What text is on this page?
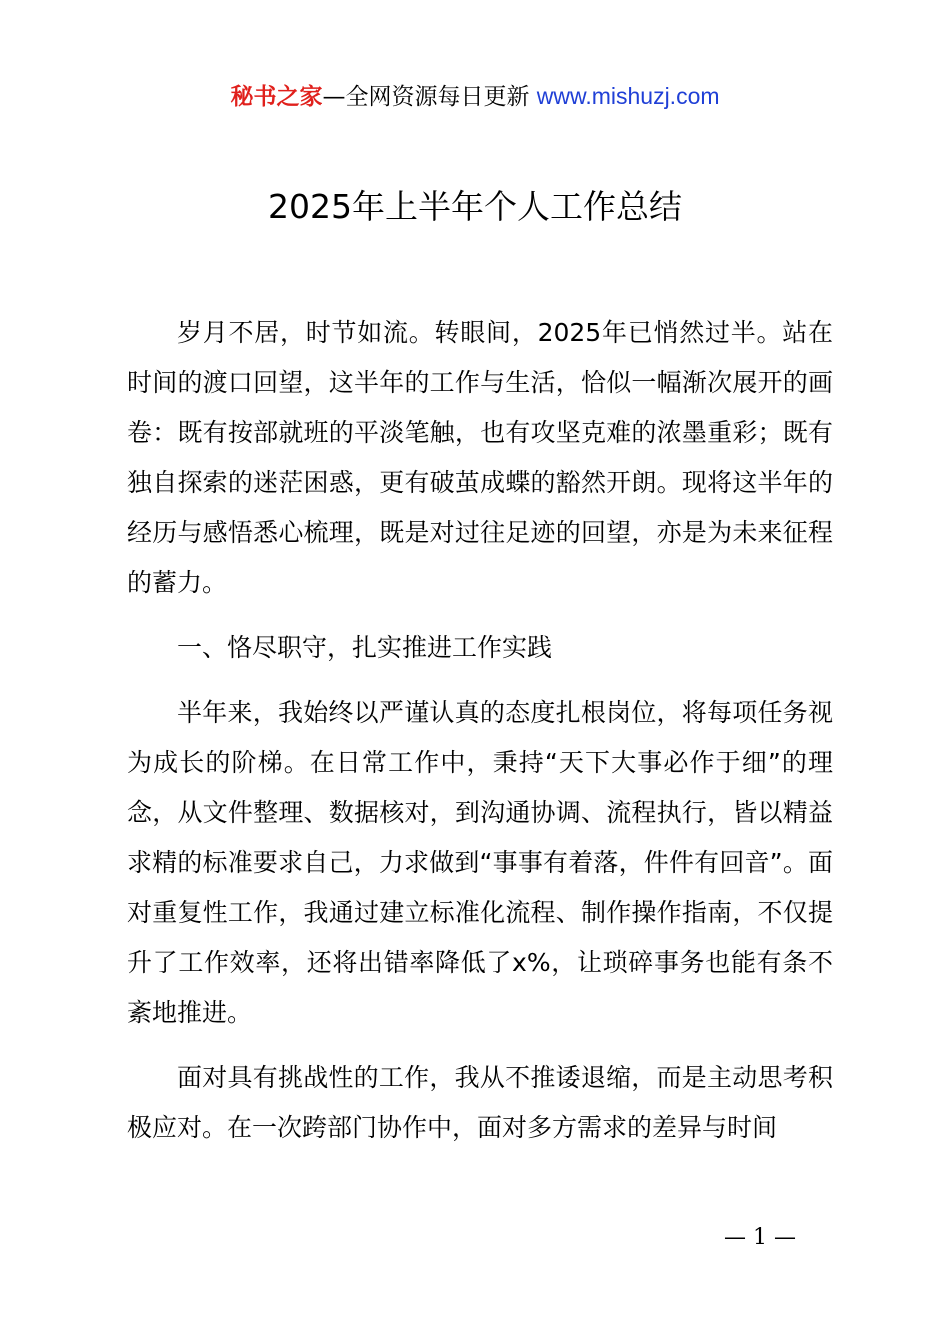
秘书之家—全网资源每日更新 www.mishuzj.com
2025年上半年个人工作总结

岁月不居，时节如流。转眼间，2025年已悄然过半。站在时间的渡口回望，这半年的工作与生活，恰似一幅渐次展开的画卷：既有按部就班的平淡笔触，也有攻坚克难的浓墨重彩；既有独自探索的迷茫困惑，更有破茧成蝶的豁然开朗。现将这半年的经历与感悟悉心梳理，既是对过往足迹的回望，亦是为未来征程的蓄力。

一、恪尽职守，扎实推进工作实践

半年来，我始终以严谨认真的态度扎根岗位，将每项任务视为成长的阶梯。在日常工作中，秉持“天下大事必作于细”的理念，从文件整理、数据核对，到沟通协调、流程执行，皆以精益求精的标准要求自己，力求做到“事事有着落，件件有回音”。面对重复性工作，我通过建立标准化流程、制作操作指南，不仅提升了工作效率，还将出错率降低了x%，让琐碎事务也能有条不紊地推进。

面对具有挑战性的工作，我从不推诿退缩，而是主动思考积极应对。在一次跨部门协作中，面对多方需求的差异与时间

— 1 —
